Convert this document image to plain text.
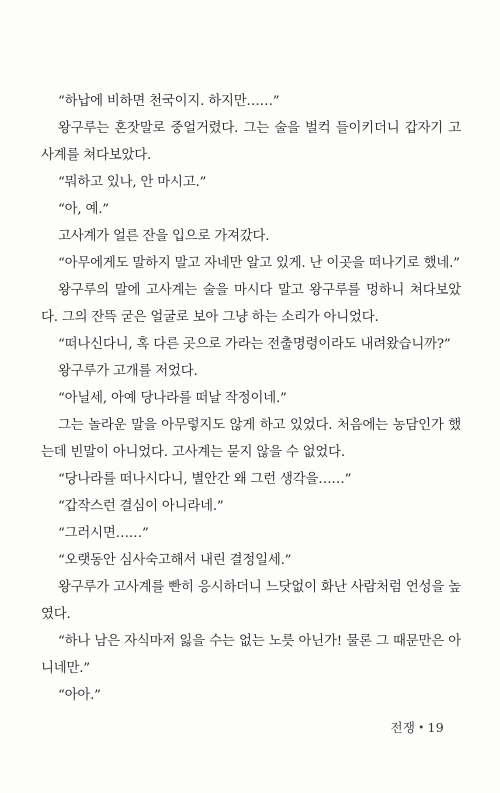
“하납에 비하면 천국이지. 하지만……”

왕구루는 혼잣말로 중얼거렸다. 그는 술을 벌컥 들이키더니 갑자기 고사계를 쳐다보았다.

“뭐하고 있나, 안 마시고.”

“아, 예.”

고사계가 얼른 잔을 입으로 가져갔다.

“아무에게도 말하지 말고 자네만 알고 있게. 난 이곳을 떠나기로 했네.”

왕구루의 말에 고사계는 술을 마시다 말고 왕구루를 멍하니 쳐다보았다. 그의 잔뜩 굳은 얼굴로 보아 그냥 하는 소리가 아니었다.

“떠나신다니, 혹 다른 곳으로 가라는 전출명령이라도 내려왔습니까?”

왕구루가 고개를 저었다.

“아닐세, 아예 당나라를 떠날 작정이네.”

그는 놀라운 말을 아무렇지도 않게 하고 있었다. 처음에는 농담인가 했는데 빈말이 아니었다. 고사계는 묻지 않을 수 없었다.

“당나라를 떠나시다니, 별안간 왜 그런 생각을……”

“갑작스런 결심이 아니라네.”

“그러시면……”

“오랫동안 심사숙고해서 내린 결정일세.”

왕구루가 고사계를 빤히 응시하더니 느닷없이 화난 사람처럼 언성을 높였다.

“하나 남은 자식마저 잃을 수는 없는 노릇 아닌가! 물론 그 때문만은 아니네만.”

“아아.”

전쟁 • 19
